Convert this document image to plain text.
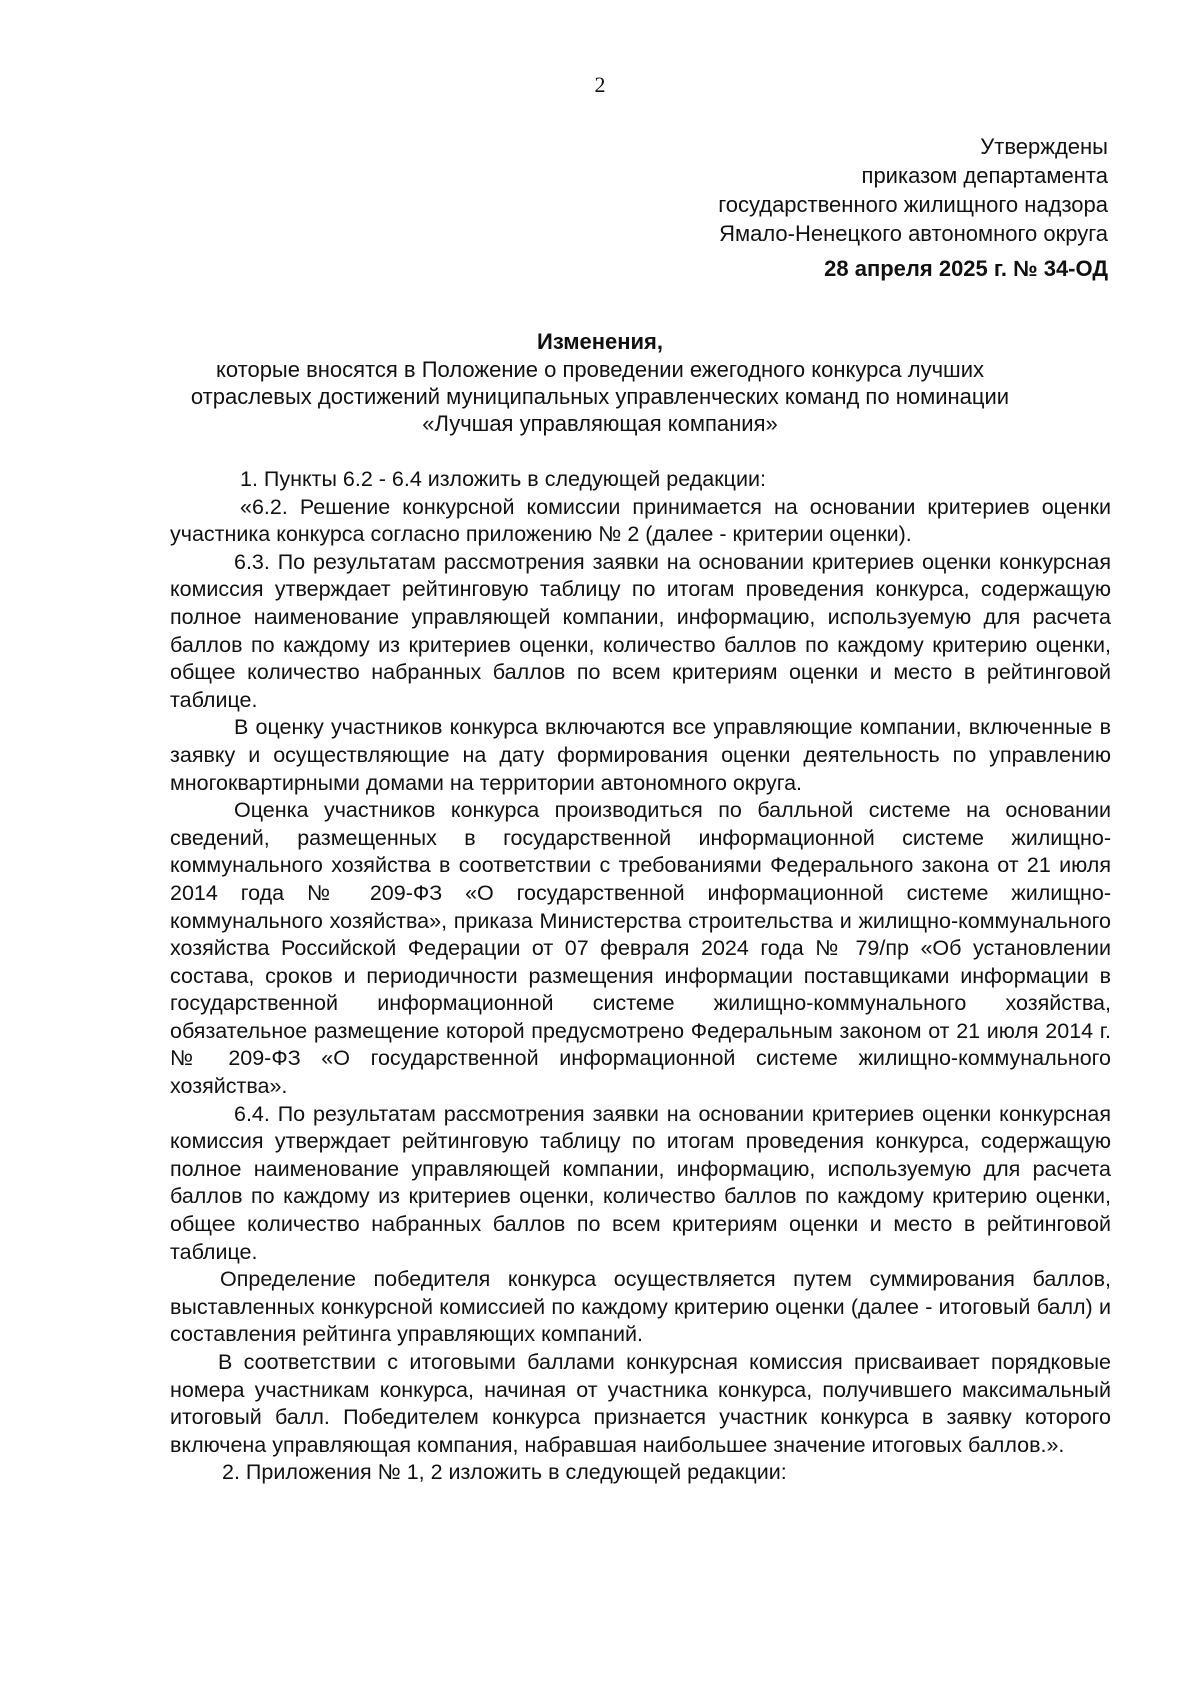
2
Утверждены
приказом департамента
государственного жилищного надзора
Ямало-Ненецкого автономного округа
28 апреля 2025 г. № 34-ОД
Изменения,
которые вносятся в Положение о проведении ежегодного конкурса лучших
отраслевых достижений муниципальных управленческих команд по номинации
«Лучшая управляющая компания»

1. Пункты 6.2 - 6.4 изложить в следующей редакции:

«6.2. Решение конкурсной комиссии принимается на основании критериев оценки участника конкурса согласно приложению № 2 (далее - критерии оценки).

6.3. По результатам рассмотрения заявки на основании критериев оценки конкурсная комиссия утверждает рейтинговую таблицу по итогам проведения конкурса, содержащую полное наименование управляющей компании, информацию, используемую для расчета баллов по каждому из критериев оценки, количество баллов по каждому критерию оценки, общее количество набранных баллов по всем критериям оценки и место в рейтинговой таблице.

В оценку участников конкурса включаются все управляющие компании, включенные в заявку и осуществляющие на дату формирования оценки деятельность по управлению многоквартирными домами на территории автономного округа.

Оценка участников конкурса производиться по балльной системе на основании сведений, размещенных в государственной информационной системе жилищно-коммунального хозяйства в соответствии с требованиями Федерального закона от 21 июля 2014 года № 209-ФЗ «О государственной информационной системе жилищно-коммунального хозяйства», приказа Министерства строительства и жилищно-коммунального хозяйства Российской Федерации от 07 февраля 2024 года № 79/пр «Об установлении состава, сроков и периодичности размещения информации поставщиками информации в государственной информационной системе жилищно-коммунального хозяйства, обязательное размещение которой предусмотрено Федеральным законом от 21 июля 2014 г. № 209-ФЗ «О государственной информационной системе жилищно-коммунального хозяйства».

6.4. По результатам рассмотрения заявки на основании критериев оценки конкурсная комиссия утверждает рейтинговую таблицу по итогам проведения конкурса, содержащую полное наименование управляющей компании, информацию, используемую для расчета баллов по каждому из критериев оценки, количество баллов по каждому критерию оценки, общее количество набранных баллов по всем критериям оценки и место в рейтинговой таблице.

Определение победителя конкурса осуществляется путем суммирования баллов, выставленных конкурсной комиссией по каждому критерию оценки (далее - итоговый балл) и составления рейтинга управляющих компаний.

В соответствии с итоговыми баллами конкурсная комиссия присваивает порядковые номера участникам конкурса, начиная от участника конкурса, получившего максимальный итоговый балл. Победителем конкурса признается участник конкурса в заявку которого включена управляющая компания, набравшая наибольшее значение итоговых баллов.».

2. Приложения № 1, 2 изложить в следующей редакции:
